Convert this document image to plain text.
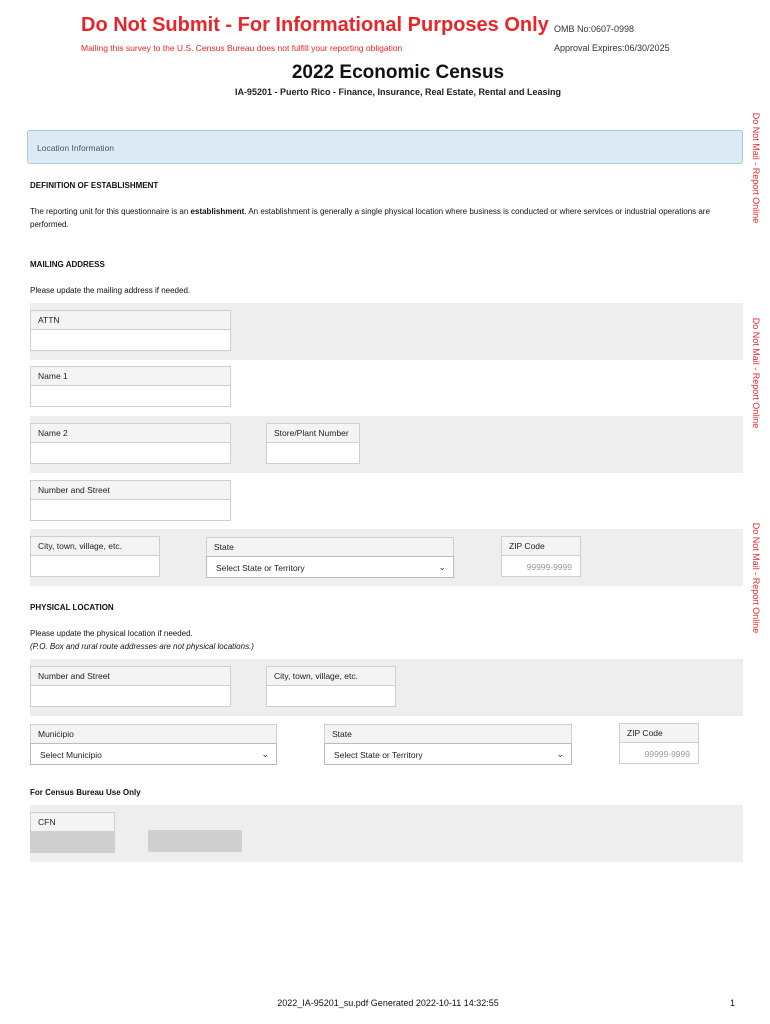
Do Not Submit - For Informational Purposes Only
Mailing this survey to the U.S. Census Bureau does not fulfill your reporting obligation
OMB No:0607-0998
Approval Expires:06/30/2025
2022 Economic Census
IA-95201 - Puerto Rico - Finance, Insurance, Real Estate, Rental and Leasing
Do Not Mail - Report Online
Do Not Mail - Report Online
Do Not Mail - Report Online
Location Information
DEFINITION OF ESTABLISHMENT
The reporting unit for this questionnaire is an establishment. An establishment is generally a single physical location where business is conducted or where services or industrial operations are performed.
MAILING ADDRESS
Please update the mailing address if needed.
ATTN
Name 1
Name 2	Store/Plant Number
Number and Street
City, town, village, etc.	State
Select State or Territory	⌄
ZIP Code
99999-9999
PHYSICAL LOCATION
Please update the physical location if needed.
(P.O. Box and rural route addresses are not physical locations.)
Number and Street	City, town, village, etc.
Municipio
Select Municipio	⌄
State
Select State or Territory	⌄
ZIP Code
99999-9999
For Census Bureau Use Only
CFN
2022_IA-95201_su.pdf Generated 2022-10-11 14:32:55	1
